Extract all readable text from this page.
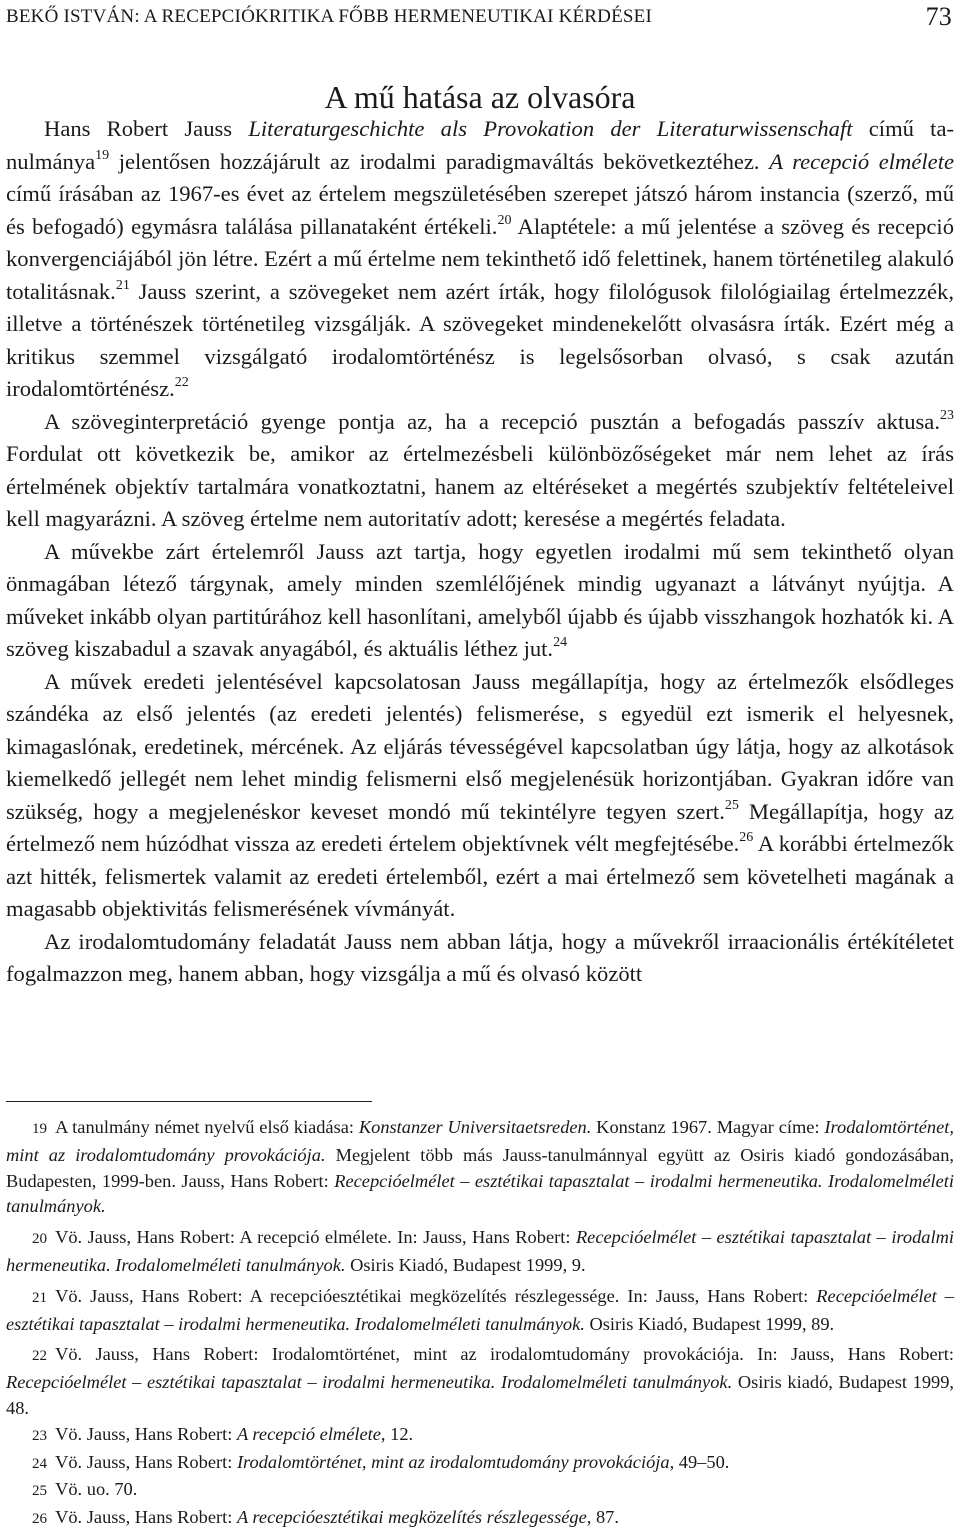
BEKŐ ISTVÁN: A RECEPCIÓKRITIKA FŐBB HERMENEUTIKAI KÉRDÉSEI	73
A mű hatása az olvasóra

Hans Robert Jauss Literaturgeschichte als Provokation der Literaturwissenschaft című tanulmánya$^{19}$ jelentősen hozzájárult az irodalmi paradigmaváltás bekövetkeztéhez. A recepció elmélete című írásában az 1967-es évet az értelem megszületésében szerepet játszó három instancia (szerző, mű és befogadó) egymásra találása pillanataként értékeli.$^{20}$ Alaptétele: a mű jelentése a szöveg és recepció konvergenciájából jön létre. Ezért a mű értelme nem tekinthető idő felettinek, hanem történetileg alakuló totalitásnak.$^{21}$ Jauss szerint, a szövegeket nem azért írták, hogy filológusok filológiailag értelmezzék, illetve a történészek történetileg vizsgálják. A szövegeket mindenekelőtt olvasásra írták. Ezért még a kritikus szemmel vizsgálgató irodalomtörténész is legelsősorban olvasó, s csak azután irodalomtörténész.$^{22}$

A szöveginterpretáció gyenge pontja az, ha a recepció pusztán a befogadás passzív aktusa.$^{23}$ Fordulat ott következik be, amikor az értelmezésbeli különbözőségeket már nem lehet az írás értelmének objektív tartalmára vonatkoztatni, hanem az eltéréseket a megértés szubjektív feltételeivel kell magyarázni. A szöveg értelme nem autoritatív adott; keresése a megértés feladata.

A művekbe zárt értelemről Jauss azt tartja, hogy egyetlen irodalmi mű sem tekinthető olyan önmagában létező tárgynak, amely minden szemlélőjének mindig ugyanazt a látványt nyújtja. A műveket inkább olyan partitúrához kell hasonlítani, amelyből újabb és újabb visszhangok hozhatók ki. A szöveg kiszabadul a szavak anyagából, és aktuális léthez jut.$^{24}$

A művek eredeti jelentésével kapcsolatosan Jauss megállapítja, hogy az értelmezők elsődleges szándéka az első jelentés (az eredeti jelentés) felismerése, s egyedül ezt ismerik el helyesnek, kimagaslónak, eredetinek, mércének. Az eljárás tévességével kapcsolatban úgy látja, hogy az alkotások kiemelkedő jellegét nem lehet mindig felismerni első megjelenésük horizontjában. Gyakran időre van szükség, hogy a megjelenéskor keveset mondó mű tekintélyre tegyen szert.$^{25}$ Megállapítja, hogy az értelmező nem húzódhat vissza az eredeti értelem objektívnek vélt megfejtésébe.$^{26}$ A korábbi értelmezők azt hitték, felismertek valamit az eredeti értelemből, ezért a mai értelmező sem követelheti magának a magasabb objektivitás felismerésének vívmányát.

Az irodalomtudomány feladatát Jauss nem abban látja, hogy a művekről irraacionális értékítéletet fogalmazzon meg, hanem abban, hogy vizsgálja a mű és olvasó között

19 A tanulmány német nyelvű első kiadása: Konstanzer Universitaetsreden. Konstanz 1967. Magyar címe: Irodalomtörténet, mint az irodalomtudomány provokációja. Megjelent több más Jauss-tanulmánnyal együtt az Osiris kiadó gondozásában, Budapesten, 1999-ben. Jauss, Hans Robert: Recepcióelmélet – esztétikai tapasztalat – irodalmi hermeneutika. Irodalomelméleti tanulmányok.

20 Vö. Jauss, Hans Robert: A recepció elmélete. In: Jauss, Hans Robert: Recepcióelmélet – esztétikai tapasztalat – irodalmi hermeneutika. Irodalomelméleti tanulmányok. Osiris Kiadó, Budapest 1999, 9.

21 Vö. Jauss, Hans Robert: A recepcióesztétikai megközelítés részlegessége. In: Jauss, Hans Robert: Recepcióelmélet – esztétikai tapasztalat – irodalmi hermeneutika. Irodalomelméleti tanulmányok. Osiris Kiadó, Budapest 1999, 89.

22 Vö. Jauss, Hans Robert: Irodalomtörténet, mint az irodalomtudomány provokációja. In: Jauss, Hans Robert: Recepcióelmélet – esztétikai tapasztalat – irodalmi hermeneutika. Irodalomelméleti tanulmányok. Osiris kiadó, Budapest 1999, 48.

23 Vö. Jauss, Hans Robert: A recepció elmélete, 12.

24 Vö. Jauss, Hans Robert: Irodalomtörténet, mint az irodalomtudomány provokációja, 49–50.

25 Vö. uo. 70.

26 Vö. Jauss, Hans Robert: A recepcióesztétikai megközelítés részlegessége, 87.
